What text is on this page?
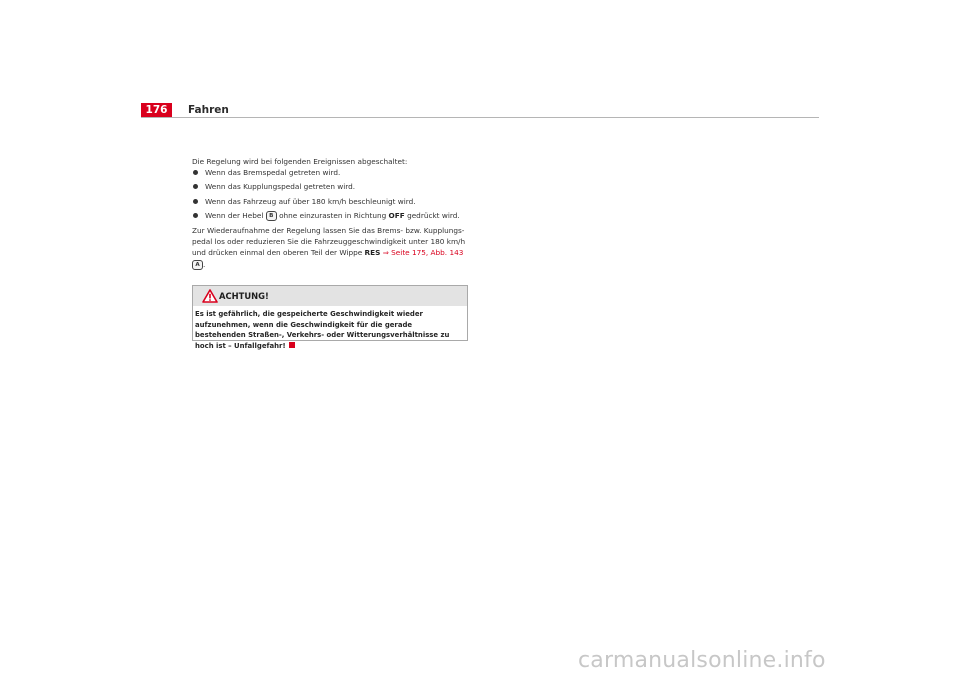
176	Fahren

Die Regelung wird bei folgenden Ereignissen abgeschaltet:

Wenn das Bremspedal getreten wird.
Wenn das Kupplungspedal getreten wird.
Wenn das Fahrzeug auf über 180 km/h beschleunigt wird.
Wenn der Hebel B ohne einzurasten in Richtung OFF gedrückt wird.

Zur Wiederaufnahme der Regelung lassen Sie das Brems- bzw. Kupplungs-pedal los oder reduzieren Sie die Fahrzeuggeschwindigkeit unter 180 km/h und drücken einmal den oberen Teil der Wippe RES ⇒ Seite 175, Abb. 143
A .

ACHTUNG!
Es ist gefährlich, die gespeicherte Geschwindigkeit wieder aufzunehmen, wenn die Geschwindigkeit für die gerade bestehenden Straßen-, Verkehrs- oder Witterungsverhältnisse zu hoch ist – Unfallgefahr!
carmanualsonline.info
